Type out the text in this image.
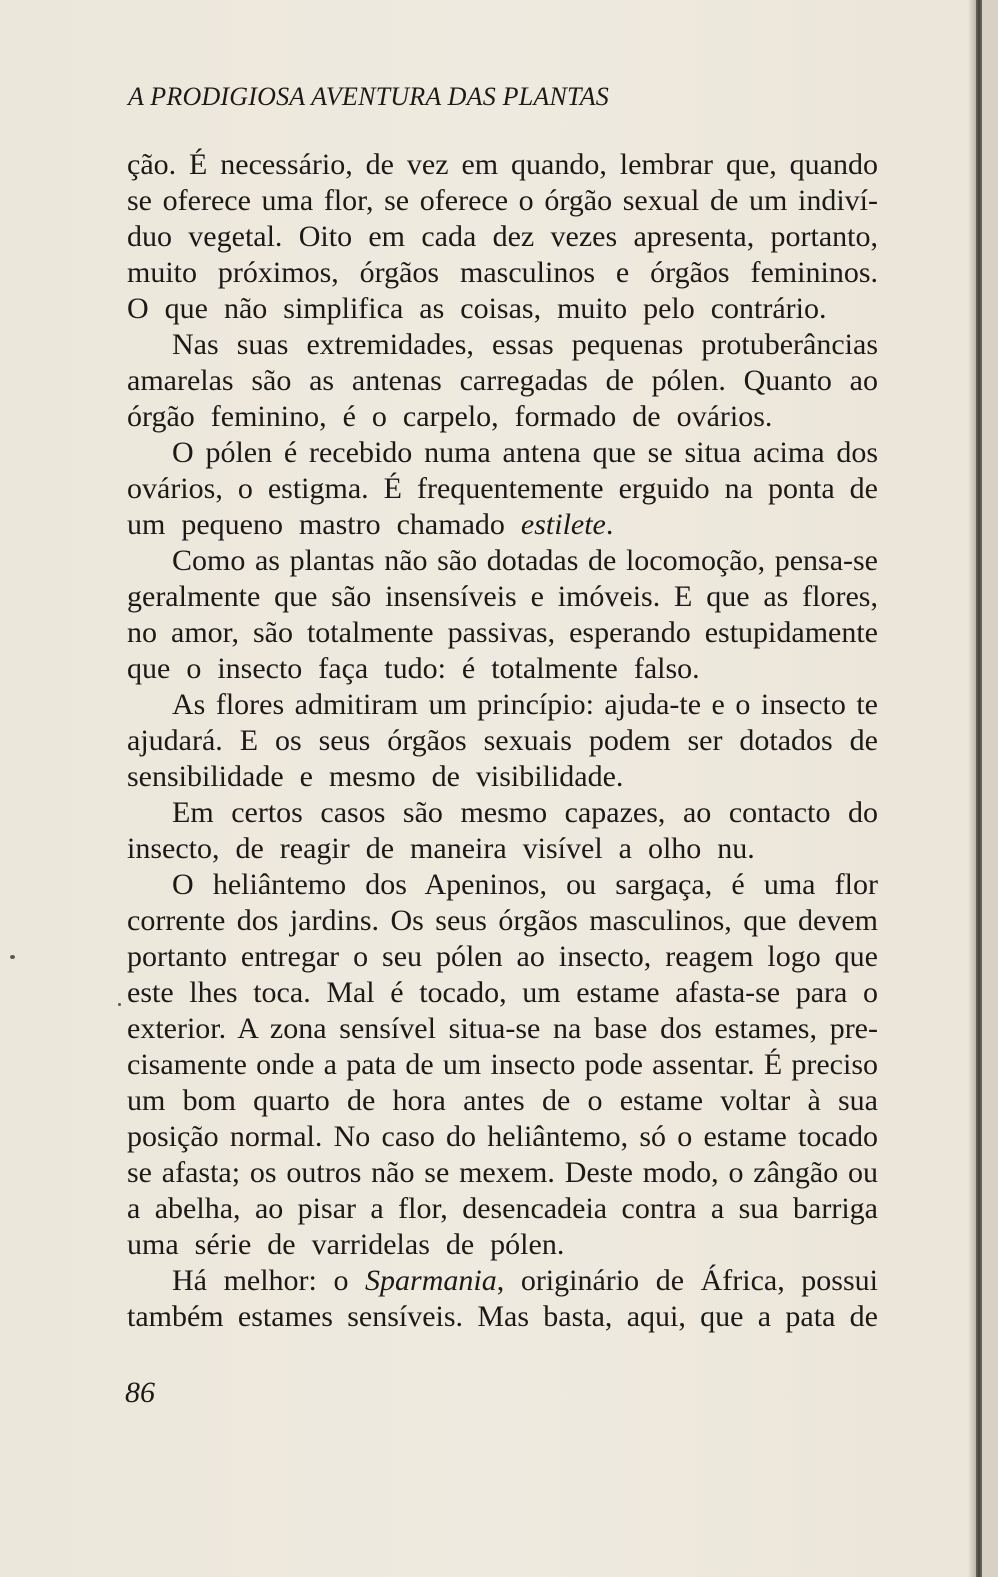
A PRODIGIOSA AVENTURA DAS PLANTAS
ção. É necessário, de vez em quando, lembrar que, quando
se oferece uma flor, se oferece o órgão sexual de um indiví-
duo vegetal. Oito em cada dez vezes apresenta, portanto,
muito próximos, órgãos masculinos e órgãos femininos.
O que não simplifica as coisas, muito pelo contrário.
Nas suas extremidades, essas pequenas protuberâncias
amarelas são as antenas carregadas de pólen. Quanto ao
órgão feminino, é o carpelo, formado de ovários.
O pólen é recebido numa antena que se situa acima dos
ovários, o estigma. É frequentemente erguido na ponta de
um pequeno mastro chamado estilete.
Como as plantas não são dotadas de locomoção, pensa-se
geralmente que são insensíveis e imóveis. E que as flores,
no amor, são totalmente passivas, esperando estupidamente
que o insecto faça tudo: é totalmente falso.
As flores admitiram um princípio: ajuda-te e o insecto te
ajudará. E os seus órgãos sexuais podem ser dotados de
sensibilidade e mesmo de visibilidade.
Em certos casos são mesmo capazes, ao contacto do
insecto, de reagir de maneira visível a olho nu.
O heliântemo dos Apeninos, ou sargaça, é uma flor
corrente dos jardins. Os seus órgãos masculinos, que devem
portanto entregar o seu pólen ao insecto, reagem logo que
este lhes toca. Mal é tocado, um estame afasta-se para o
exterior. A zona sensível situa-se na base dos estames, pre-
cisamente onde a pata de um insecto pode assentar. É preciso
um bom quarto de hora antes de o estame voltar à sua
posição normal. No caso do heliântemo, só o estame tocado
se afasta; os outros não se mexem. Deste modo, o zângão ou
a abelha, ao pisar a flor, desencadeia contra a sua barriga
uma série de varridelas de pólen.
Há melhor: o Sparmania, originário de África, possui
também estames sensíveis. Mas basta, aqui, que a pata de
86
